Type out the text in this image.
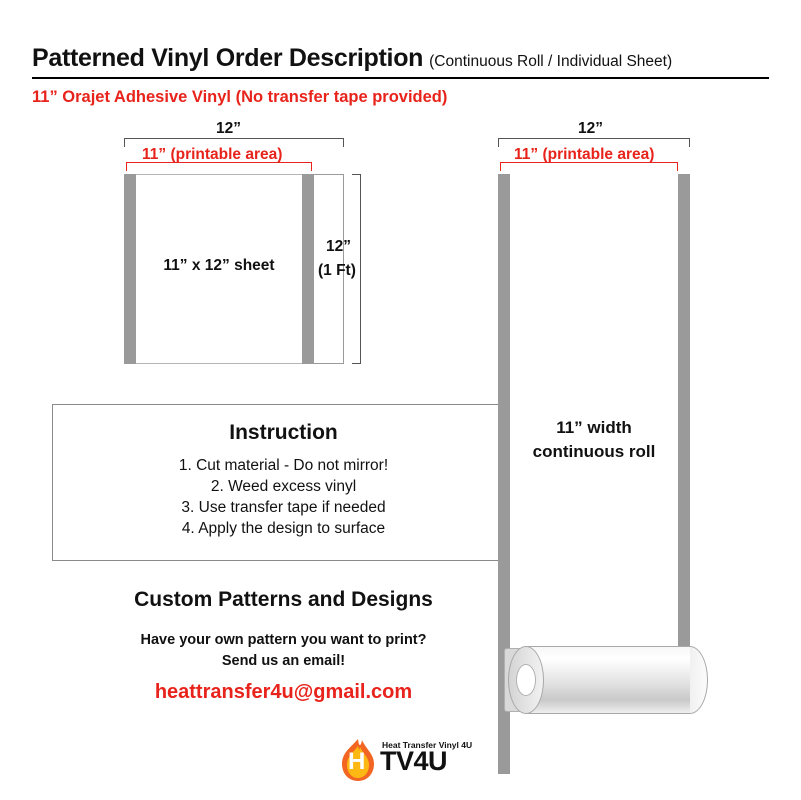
Patterned Vinyl Order Description (Continuous Roll / Individual Sheet)
11” Orajet Adhesive Vinyl (No transfer tape provided)
12”
11” (printable area)
11” x 12” sheet
12”
(1 Ft)
Instruction
1. Cut material - Do not mirror!
2. Weed excess vinyl
3. Use transfer tape if needed
4. Apply the design to surface
Custom Patterns and Designs
Have your own pattern you want to print?
Send us an email!
heattransfer4u@gmail.com
12”
11” (printable area)
11” width
continuous roll
H
Heat Transfer Vinyl 4U
TV4U
